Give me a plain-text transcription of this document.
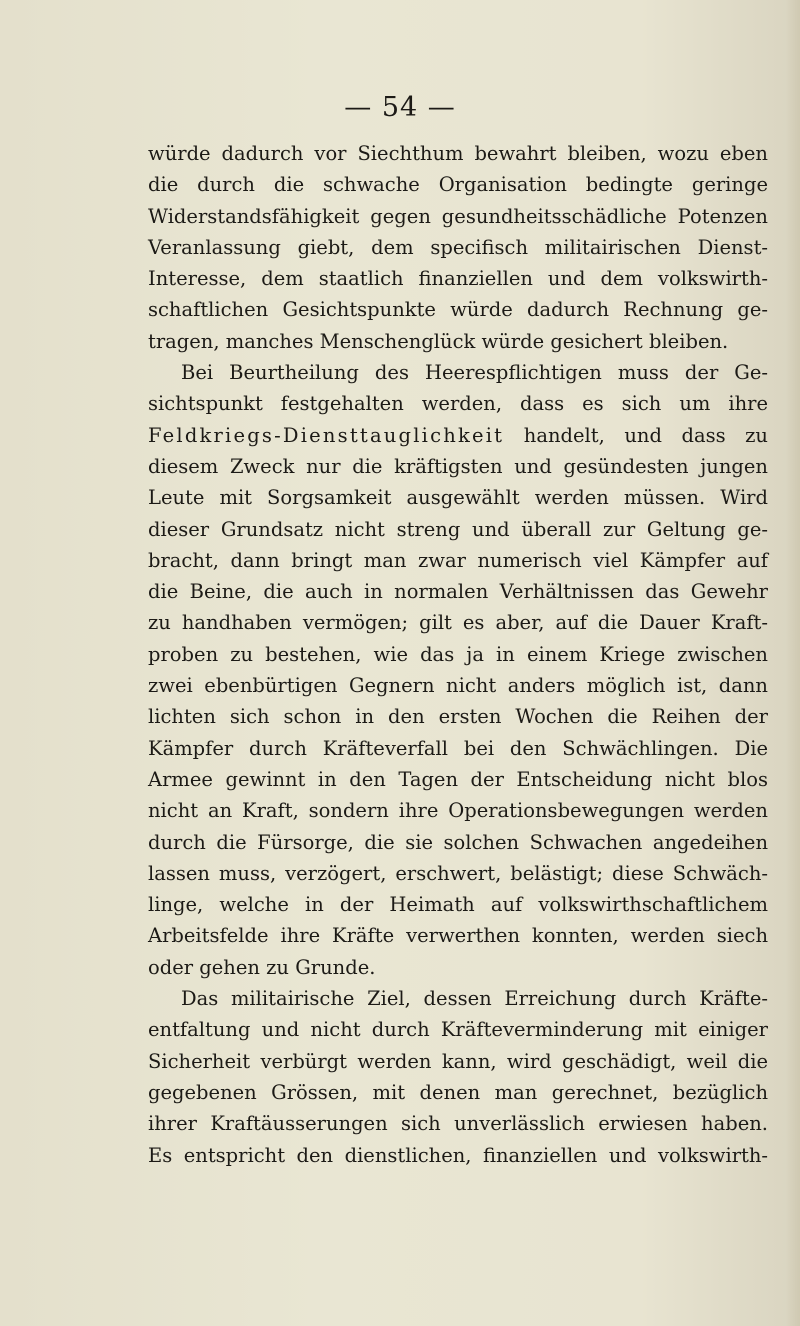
— 54 —

würde dadurch vor Siechthum bewahrt bleiben, wozu eben
die durch die schwache Organisation bedingte geringe
Widerstandsfähigkeit gegen gesundheitsschädliche Potenzen
Veranlassung giebt, dem specifisch militairischen Dienst-
Interesse, dem staatlich finanziellen und dem volkswirth-
schaftlichen Gesichtspunkte würde dadurch Rechnung ge-
tragen, manches Menschenglück würde gesichert bleiben.
Bei Beurtheilung des Heerespflichtigen muss der Ge-
sichtspunkt festgehalten werden, dass es sich um ihre
Feldkriegs-Diensttauglichkeit handelt, und dass zu
diesem Zweck nur die kräftigsten und gesündesten jungen
Leute mit Sorgsamkeit ausgewählt werden müssen. Wird
dieser Grundsatz nicht streng und überall zur Geltung ge-
bracht, dann bringt man zwar numerisch viel Kämpfer auf
die Beine, die auch in normalen Verhältnissen das Gewehr
zu handhaben vermögen; gilt es aber, auf die Dauer Kraft-
proben zu bestehen, wie das ja in einem Kriege zwischen
zwei ebenbürtigen Gegnern nicht anders möglich ist, dann
lichten sich schon in den ersten Wochen die Reihen der
Kämpfer durch Kräfteverfall bei den Schwächlingen. Die
Armee gewinnt in den Tagen der Entscheidung nicht blos
nicht an Kraft, sondern ihre Operationsbewegungen werden
durch die Fürsorge, die sie solchen Schwachen angedeihen
lassen muss, verzögert, erschwert, belästigt; diese Schwäch-
linge, welche in der Heimath auf volkswirthschaftlichem
Arbeitsfelde ihre Kräfte verwerthen konnten, werden siech
oder gehen zu Grunde.
Das militairische Ziel, dessen Erreichung durch Kräfte-
entfaltung und nicht durch Kräfteverminderung mit einiger
Sicherheit verbürgt werden kann, wird geschädigt, weil die
gegebenen Grössen, mit denen man gerechnet, bezüglich
ihrer Kraftäusserungen sich unverlässlich erwiesen haben.
Es entspricht den dienstlichen, finanziellen und volkswirth-
